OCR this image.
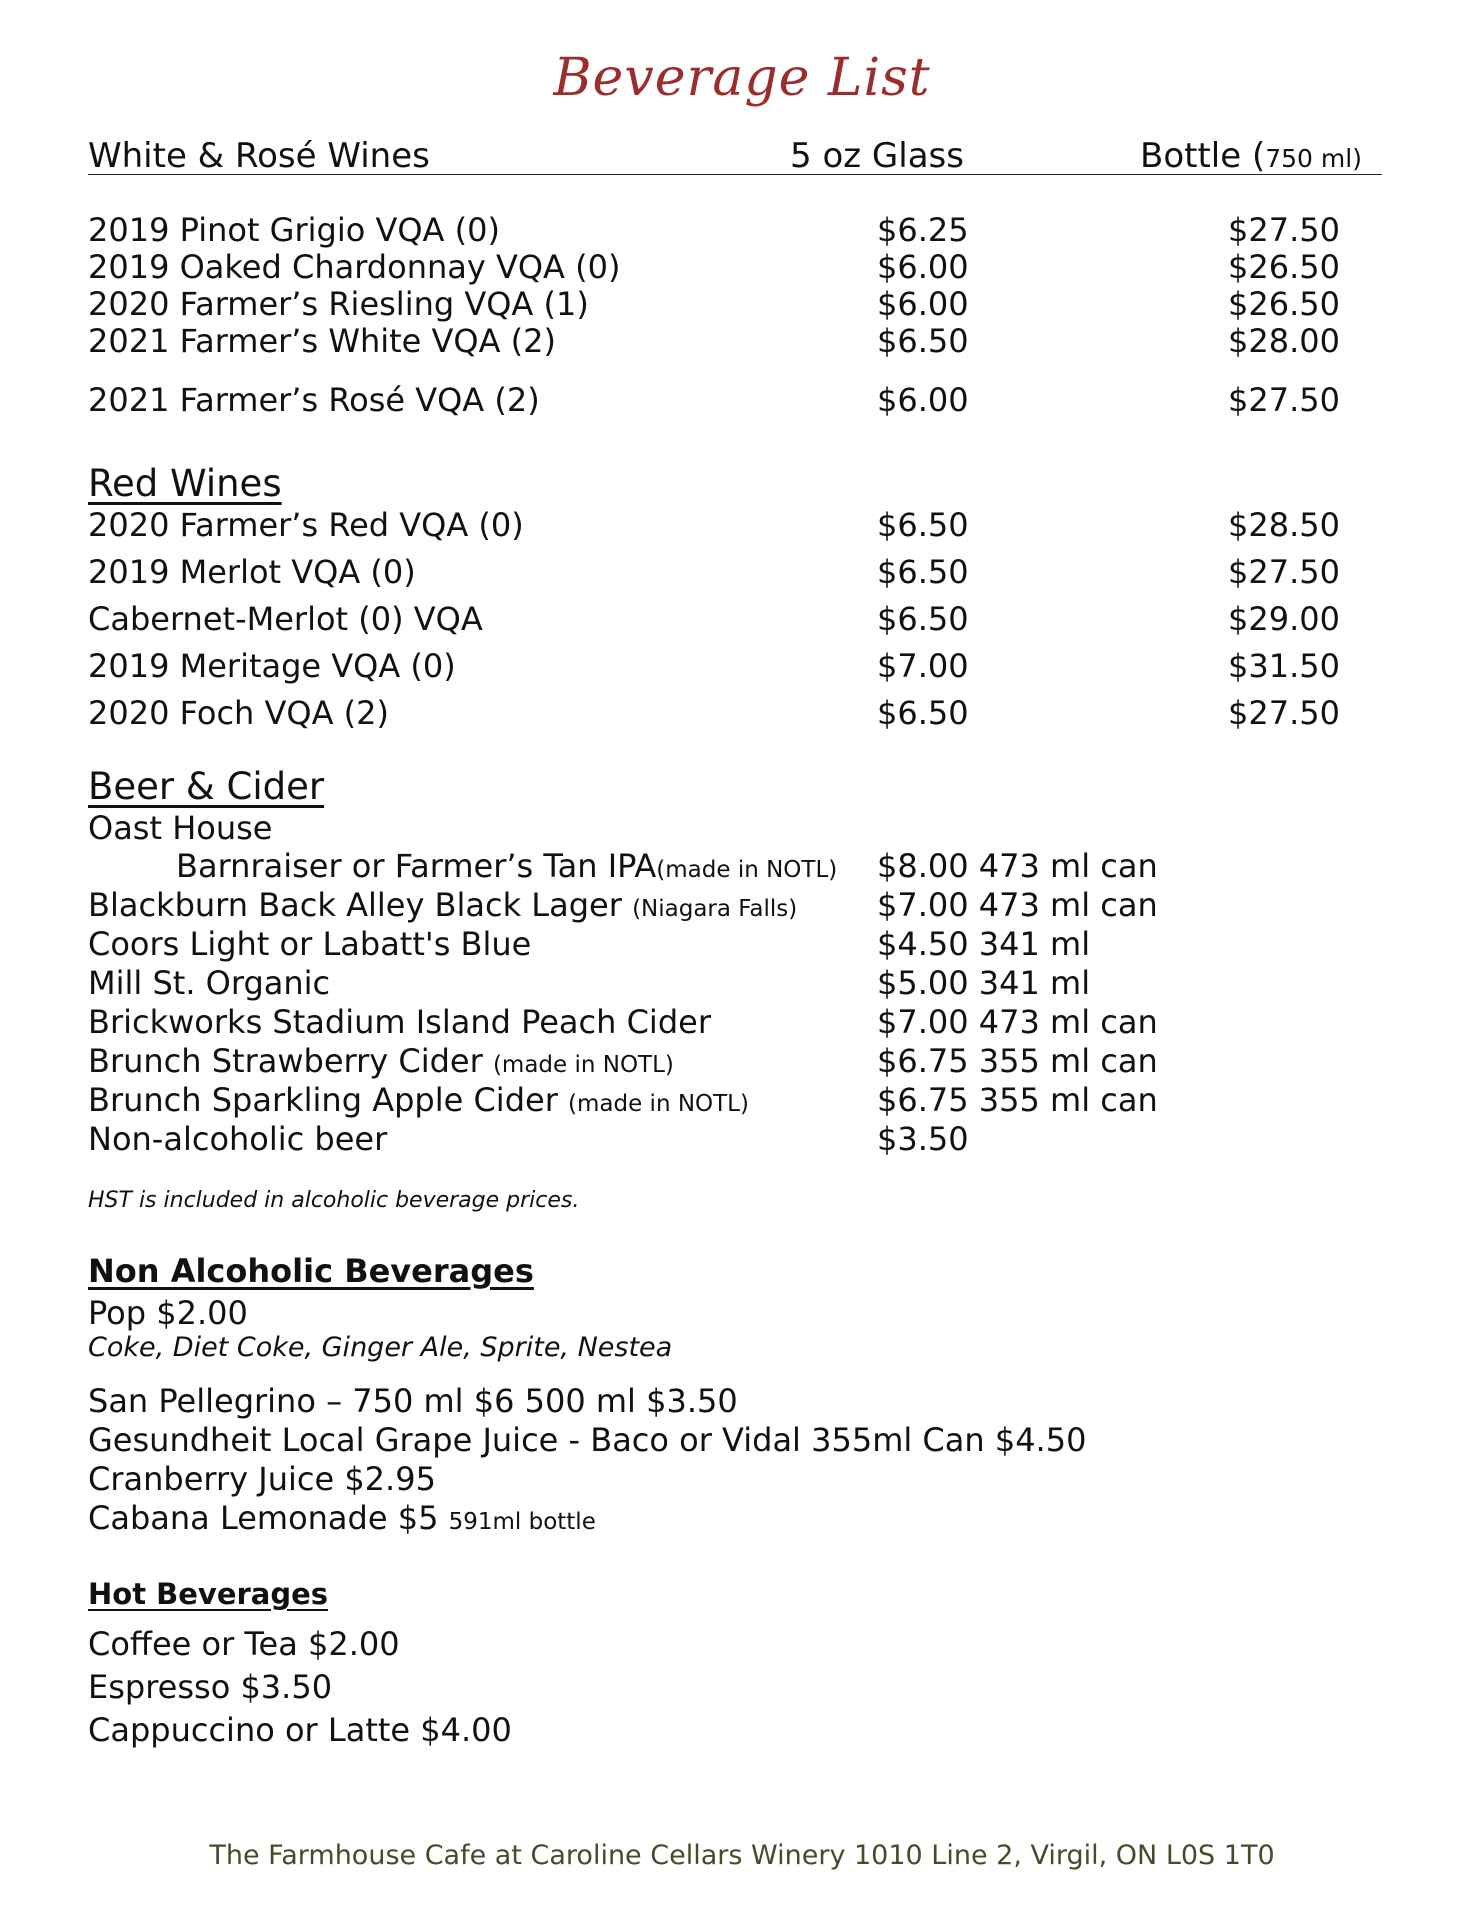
Beverage List
White & Rosé Wines	5 oz Glass	Bottle (750 ml)
2019 Pinot Grigio VQA (0)	$6.25	$27.50
2019 Oaked Chardonnay VQA (0)	$6.00	$26.50
2020 Farmer’s Riesling VQA (1)	$6.00	$26.50
2021 Farmer’s White VQA (2)	$6.50	$28.00
2021 Farmer’s Rosé VQA (2)	$6.00	$27.50
Red Wines
2020 Farmer’s Red VQA (0)	$6.50	$28.50
2019 Merlot VQA (0)	$6.50	$27.50
Cabernet-Merlot (0) VQA	$6.50	$29.00
2019 Meritage VQA (0)	$7.00	$31.50
2020 Foch VQA (2)	$6.50	$27.50
Beer & Cider
Oast House
Barnraiser or Farmer’s Tan IPA(made in NOTL) $8.00 473 ml can
Blackburn Back Alley Black Lager (Niagara Falls) $7.00 473 ml can
Coors Light or Labatt's Blue	$4.50 341 ml
Mill St. Organic	$5.00 341 ml
Brickworks Stadium Island Peach Cider	$7.00 473 ml can
Brunch Strawberry Cider (made in NOTL)	$6.75 355 ml can
Brunch Sparkling Apple Cider (made in NOTL)	$6.75 355 ml can
Non-alcoholic beer	$3.50
HST is included in alcoholic beverage prices.
Non Alcoholic Beverages
Pop $2.00
Coke, Diet Coke, Ginger Ale, Sprite, Nestea
San Pellegrino – 750 ml $6 500 ml $3.50
Gesundheit Local Grape Juice - Baco or Vidal 355ml Can $4.50
Cranberry Juice $2.95
Cabana Lemonade $5 591ml bottle
Hot Beverages
Coffee or Tea $2.00
Espresso $3.50
Cappuccino or Latte $4.00
The Farmhouse Cafe at Caroline Cellars Winery 1010 Line 2, Virgil, ON L0S 1T0
